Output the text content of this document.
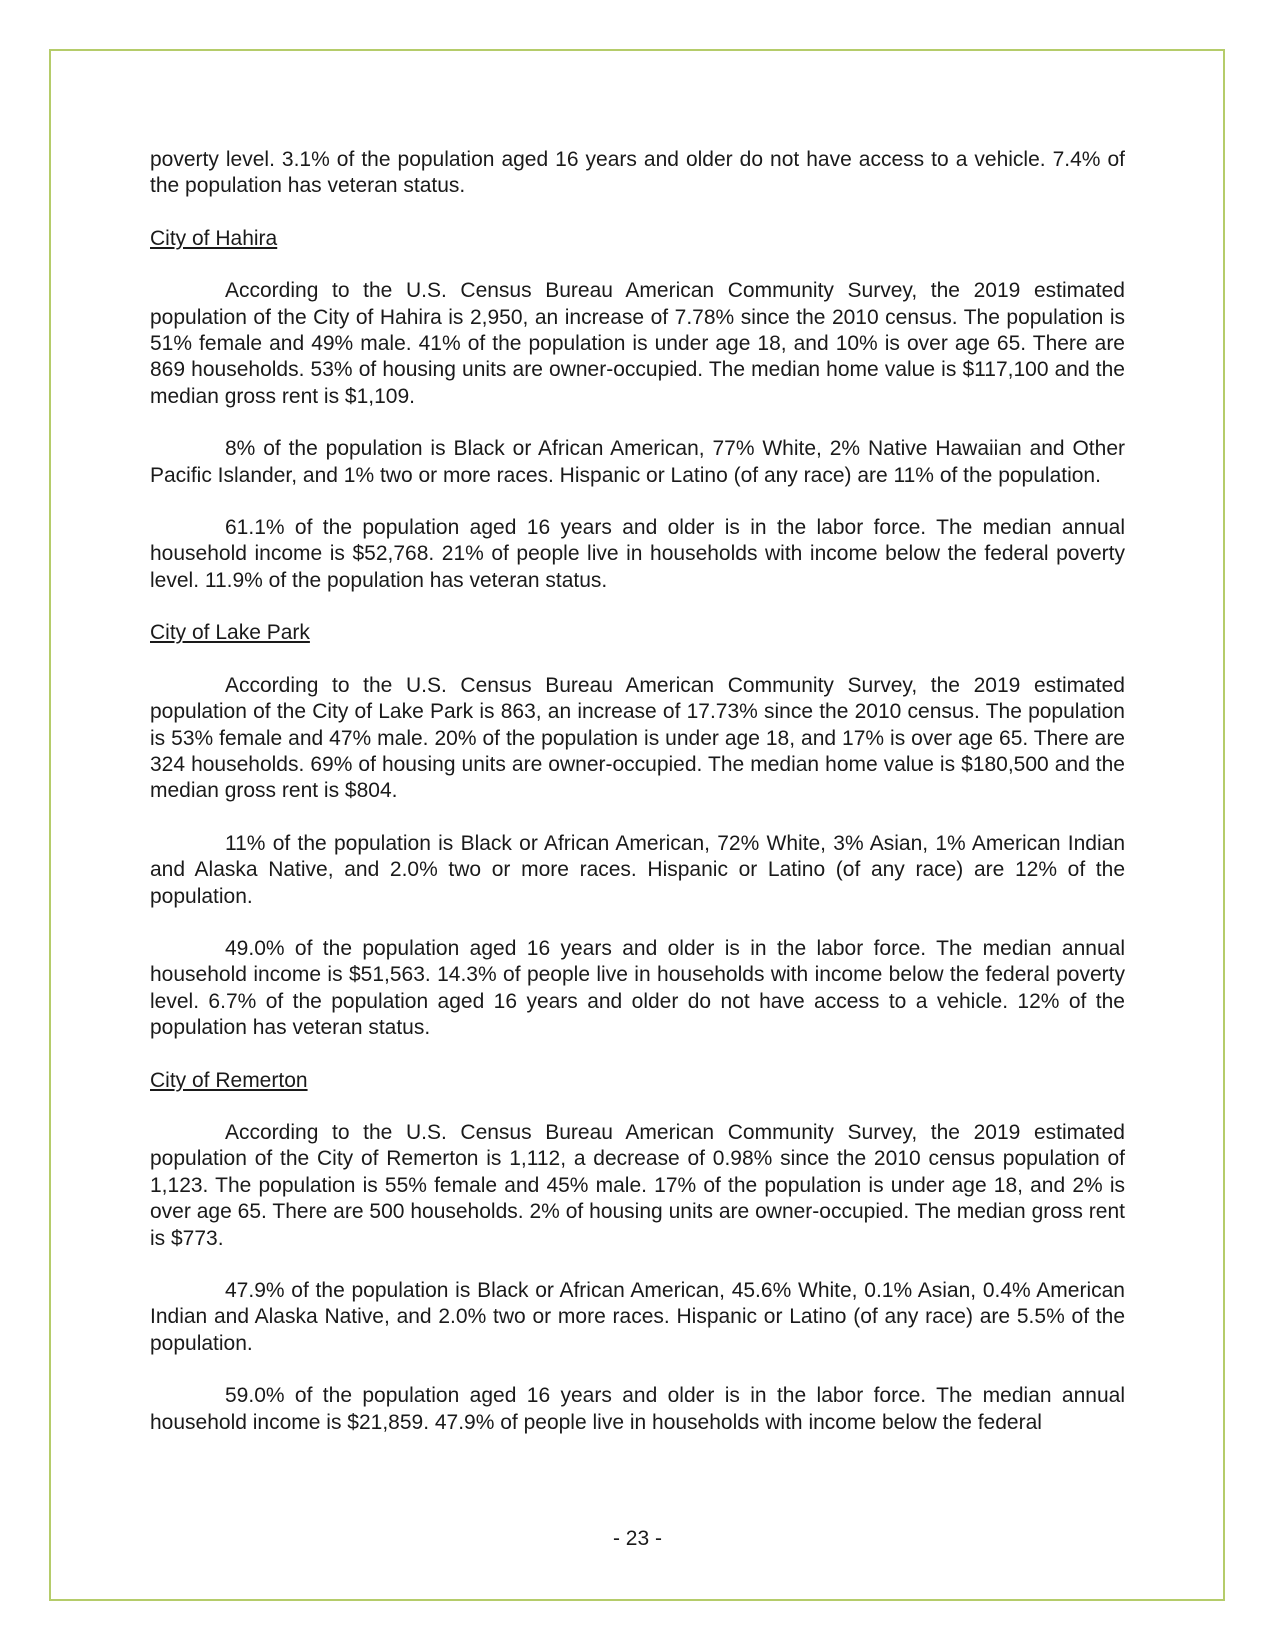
poverty level. 3.1% of the population aged 16 years and older do not have access to a vehicle. 7.4% of the population has veteran status.

City of Hahira

According to the U.S. Census Bureau American Community Survey, the 2019 estimated population of the City of Hahira is 2,950, an increase of 7.78% since the 2010 census. The population is 51% female and 49% male. 41% of the population is under age 18, and 10% is over age 65. There are 869 households. 53% of housing units are owner-occupied. The median home value is $117,100 and the median gross rent is $1,109.

8% of the population is Black or African American, 77% White, 2% Native Hawaiian and Other Pacific Islander, and 1% two or more races. Hispanic or Latino (of any race) are 11% of the population.

61.1% of the population aged 16 years and older is in the labor force. The median annual household income is $52,768. 21% of people live in households with income below the federal poverty level. 11.9% of the population has veteran status.

City of Lake Park

According to the U.S. Census Bureau American Community Survey, the 2019 estimated population of the City of Lake Park is 863, an increase of 17.73% since the 2010 census. The population is 53% female and 47% male. 20% of the population is under age 18, and 17% is over age 65. There are 324 households. 69% of housing units are owner-occupied. The median home value is $180,500 and the median gross rent is $804.

11% of the population is Black or African American, 72% White, 3% Asian, 1% American Indian and Alaska Native, and 2.0% two or more races. Hispanic or Latino (of any race) are 12% of the population.

49.0% of the population aged 16 years and older is in the labor force. The median annual household income is $51,563. 14.3% of people live in households with income below the federal poverty level. 6.7% of the population aged 16 years and older do not have access to a vehicle. 12% of the population has veteran status.

City of Remerton

According to the U.S. Census Bureau American Community Survey, the 2019 estimated population of the City of Remerton is 1,112, a decrease of 0.98% since the 2010 census population of 1,123. The population is 55% female and 45% male. 17% of the population is under age 18, and 2% is over age 65. There are 500 households. 2% of housing units are owner-occupied. The median gross rent is $773.

47.9% of the population is Black or African American, 45.6% White, 0.1% Asian, 0.4% American Indian and Alaska Native, and 2.0% two or more races. Hispanic or Latino (of any race) are 5.5% of the population.

59.0% of the population aged 16 years and older is in the labor force. The median annual household income is $21,859. 47.9% of people live in households with income below the federal

- 23 -
